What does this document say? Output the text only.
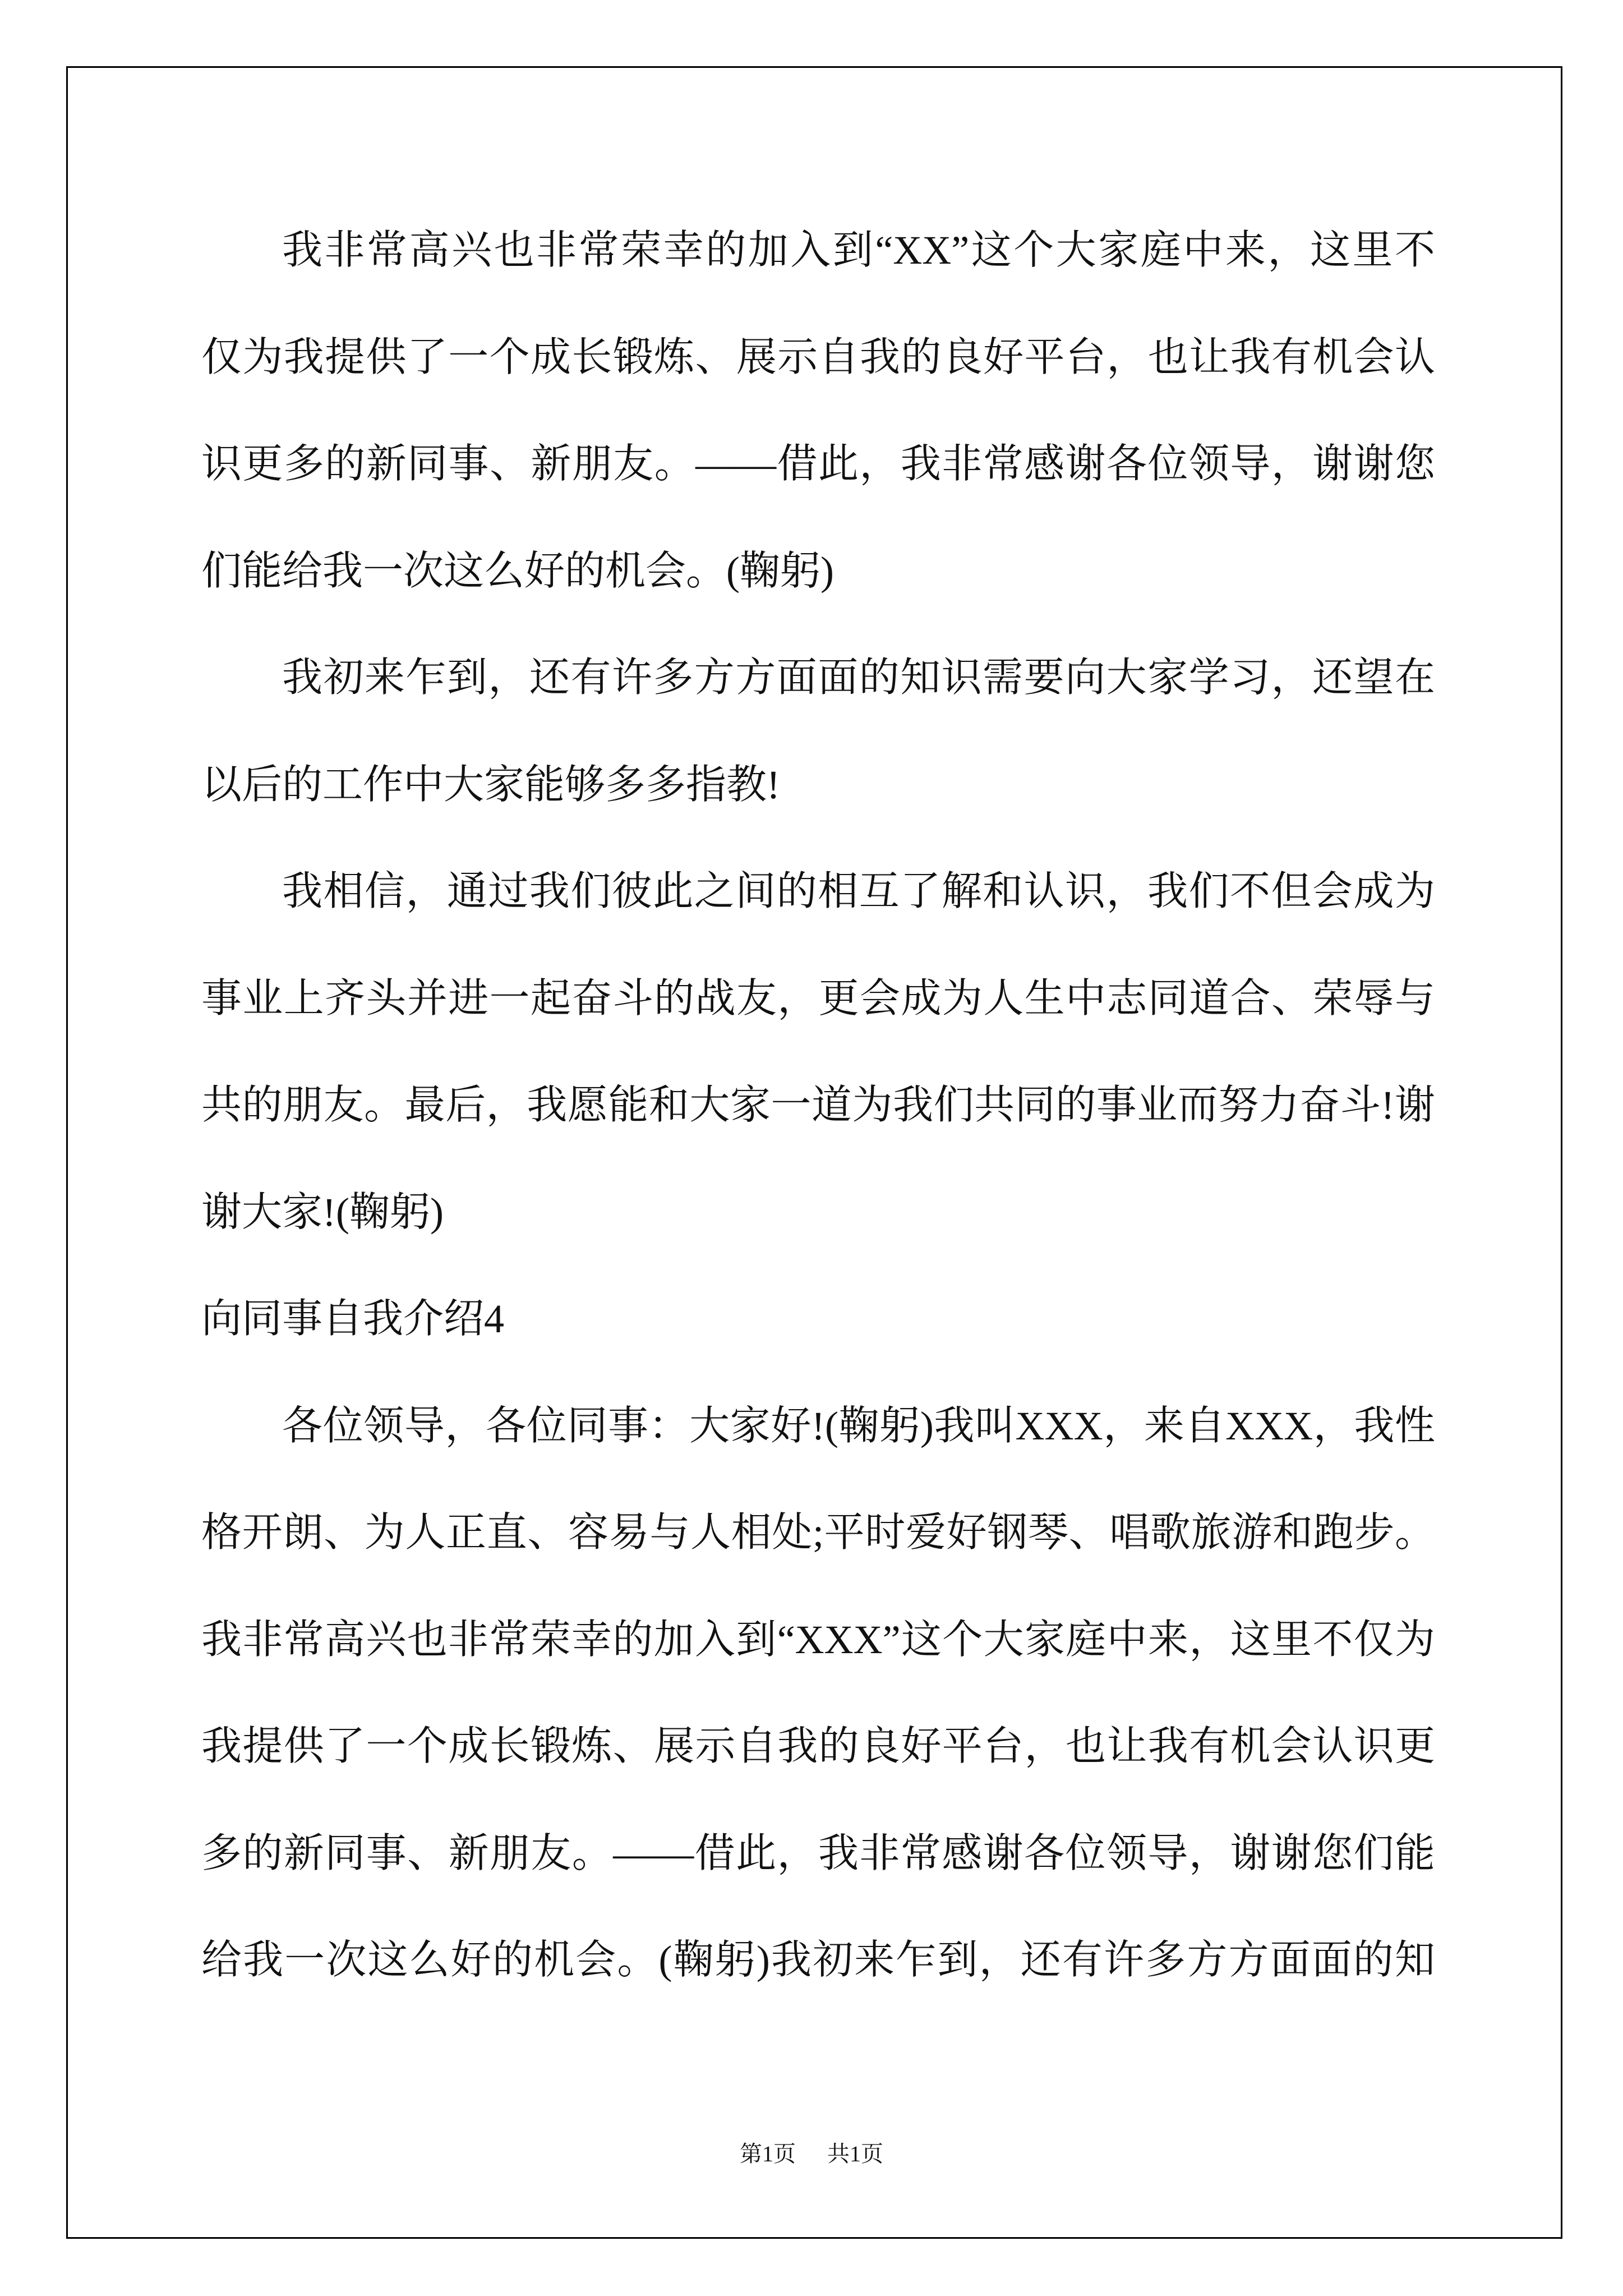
我非常高兴也非常荣幸的加入到“XX”这个大家庭中来，这里不
仅为我提供了一个成长锻炼、展示自我的良好平台，也让我有机会认
识更多的新同事、新朋友。——借此，我非常感谢各位领导，谢谢您
们能给我一次这么好的机会。(鞠躬)
我初来乍到，还有许多方方面面的知识需要向大家学习，还望在
以后的工作中大家能够多多指教!
我相信，通过我们彼此之间的相互了解和认识，我们不但会成为
事业上齐头并进一起奋斗的战友，更会成为人生中志同道合、荣辱与
共的朋友。最后，我愿能和大家一道为我们共同的事业而努力奋斗!谢
谢大家!(鞠躬)
向同事自我介绍4
各位领导，各位同事：大家好!(鞠躬)我叫XXX，来自XXX，我性
格开朗、为人正直、容易与人相处;平时爱好钢琴、唱歌旅游和跑步。
我非常高兴也非常荣幸的加入到“XXX”这个大家庭中来，这里不仅为
我提供了一个成长锻炼、展示自我的良好平台，也让我有机会认识更
多的新同事、新朋友。——借此，我非常感谢各位领导，谢谢您们能
给我一次这么好的机会。(鞠躬)我初来乍到，还有许多方方面面的知
第1页 共1页
